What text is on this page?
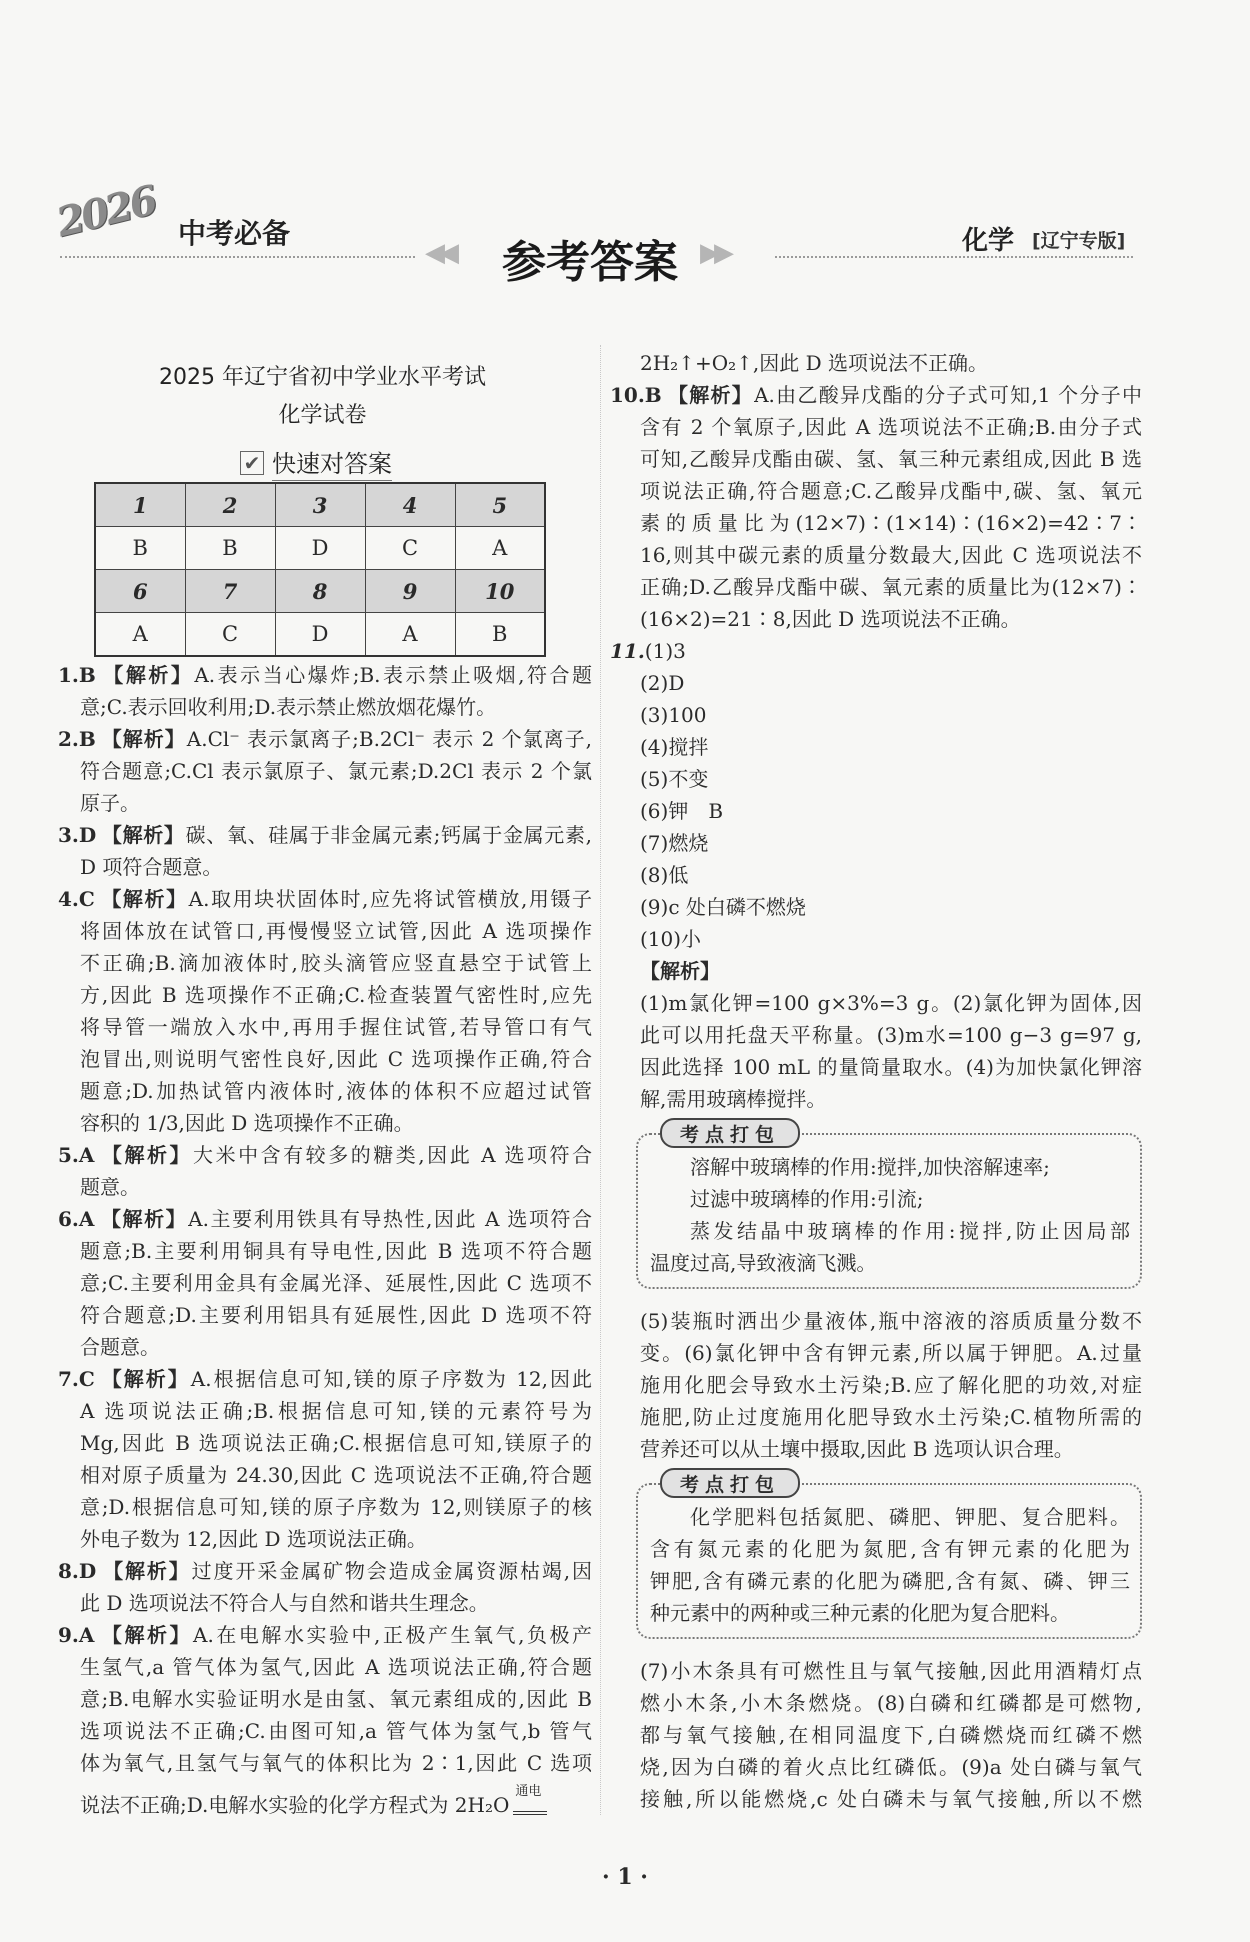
2026 中考必备
◀◀ 参考答案 ▶▶	化学 [辽宁专版]
2025 年辽宁省初中学业水平考试
化学试卷
✔ 快速对答案
1	2	3	4	5
B	B	D	C	A
6	7	8	9	10
A	C	D	A	B
1.B 【解析】A.表示当心爆炸;B.表示禁止吸烟,符合题
意;C.表示回收利用;D.表示禁止燃放烟花爆竹。
2.B 【解析】A.Cl⁻ 表示氯离子;B.2Cl⁻ 表示 2 个氯离子,
符合题意;C.Cl 表示氯原子、氯元素;D.2Cl 表示 2 个氯
原子。
3.D 【解析】碳、氧、硅属于非金属元素;钙属于金属元素,
D 项符合题意。
4.C 【解析】A.取用块状固体时,应先将试管横放,用镊子
将固体放在试管口,再慢慢竖立试管,因此 A 选项操作
不正确;B.滴加液体时,胶头滴管应竖直悬空于试管上
方,因此 B 选项操作不正确;C.检查装置气密性时,应先
将导管一端放入水中,再用手握住试管,若导管口有气
泡冒出,则说明气密性良好,因此 C 选项操作正确,符合
题意;D.加热试管内液体时,液体的体积不应超过试管
容积的 1/3,因此 D 选项操作不正确。
5.A 【解析】大米中含有较多的糖类,因此 A 选项符合
题意。
6.A 【解析】A.主要利用铁具有导热性,因此 A 选项符合
题意;B.主要利用铜具有导电性,因此 B 选项不符合题
意;C.主要利用金具有金属光泽、延展性,因此 C 选项不
符合题意;D.主要利用铝具有延展性,因此 D 选项不符
合题意。
7.C 【解析】A.根据信息可知,镁的原子序数为 12,因此
A 选项说法正确;B.根据信息可知,镁的元素符号为
Mg,因此 B 选项说法正确;C.根据信息可知,镁原子的
相对原子质量为 24.30,因此 C 选项说法不正确,符合题
意;D.根据信息可知,镁的原子序数为 12,则镁原子的核
外电子数为 12,因此 D 选项说法正确。
8.D 【解析】过度开采金属矿物会造成金属资源枯竭,因
此 D 选项说法不符合人与自然和谐共生理念。
9.A 【解析】A.在电解水实验中,正极产生氧气,负极产
生氢气,a 管气体为氢气,因此 A 选项说法正确,符合题
意;B.电解水实验证明水是由氢、氧元素组成的,因此 B
选项说法不正确;C.由图可知,a 管气体为氢气,b 管气
体为氧气,且氢气与氧气的体积比为 2∶1,因此 C 选项
说法不正确;D.电解水实验的化学方程式为 2H₂O
通电
2H₂↑+O₂↑,因此 D 选项说法不正确。
10.B 【解析】A.由乙酸异戊酯的分子式可知,1 个分子中
含有 2 个氧原子,因此 A 选项说法不正确;B.由分子式
可知,乙酸异戊酯由碳、氢、氧三种元素组成,因此 B 选
项说法正确,符合题意;C.乙酸异戊酯中,碳、氢、氧元
素的质量比为(12×7)∶(1×14)∶(16×2)=42∶7∶
16,则其中碳元素的质量分数最大,因此 C 选项说法不
正确;D.乙酸异戊酯中碳、氧元素的质量比为(12×7)∶
(16×2)=21∶8,因此 D 选项说法不正确。
11.(1)3
(2)D
(3)100
(4)搅拌
(5)不变
(6)钾　B
(7)燃烧
(8)低
(9)c 处白磷不燃烧
(10)小
【解析】
(1)m氯化钾=100 g×3%=3 g。(2)氯化钾为固体,因
此可以用托盘天平称量。(3)m水=100 g−3 g=97 g,
因此选择 100 mL 的量筒量取水。(4)为加快氯化钾溶
解,需用玻璃棒搅拌。
考点打包
溶解中玻璃棒的作用:搅拌,加快溶解速率;
过滤中玻璃棒的作用:引流;
蒸发结晶中玻璃棒的作用:搅拌,防止因局部
温度过高,导致液滴飞溅。
(5)装瓶时洒出少量液体,瓶中溶液的溶质质量分数不
变。(6)氯化钾中含有钾元素,所以属于钾肥。A.过量
施用化肥会导致水土污染;B.应了解化肥的功效,对症
施肥,防止过度施用化肥导致水土污染;C.植物所需的
营养还可以从土壤中摄取,因此 B 选项认识合理。
考点打包
化学肥料包括氮肥、磷肥、钾肥、复合肥料。
含有氮元素的化肥为氮肥,含有钾元素的化肥为
钾肥,含有磷元素的化肥为磷肥,含有氮、磷、钾三
种元素中的两种或三种元素的化肥为复合肥料。
(7)小木条具有可燃性且与氧气接触,因此用酒精灯点
燃小木条,小木条燃烧。(8)白磷和红磷都是可燃物,
都与氧气接触,在相同温度下,白磷燃烧而红磷不燃
烧,因为白磷的着火点比红磷低。(9)a 处白磷与氧气
接触,所以能燃烧,c 处白磷未与氧气接触,所以不燃
· 1 ·
